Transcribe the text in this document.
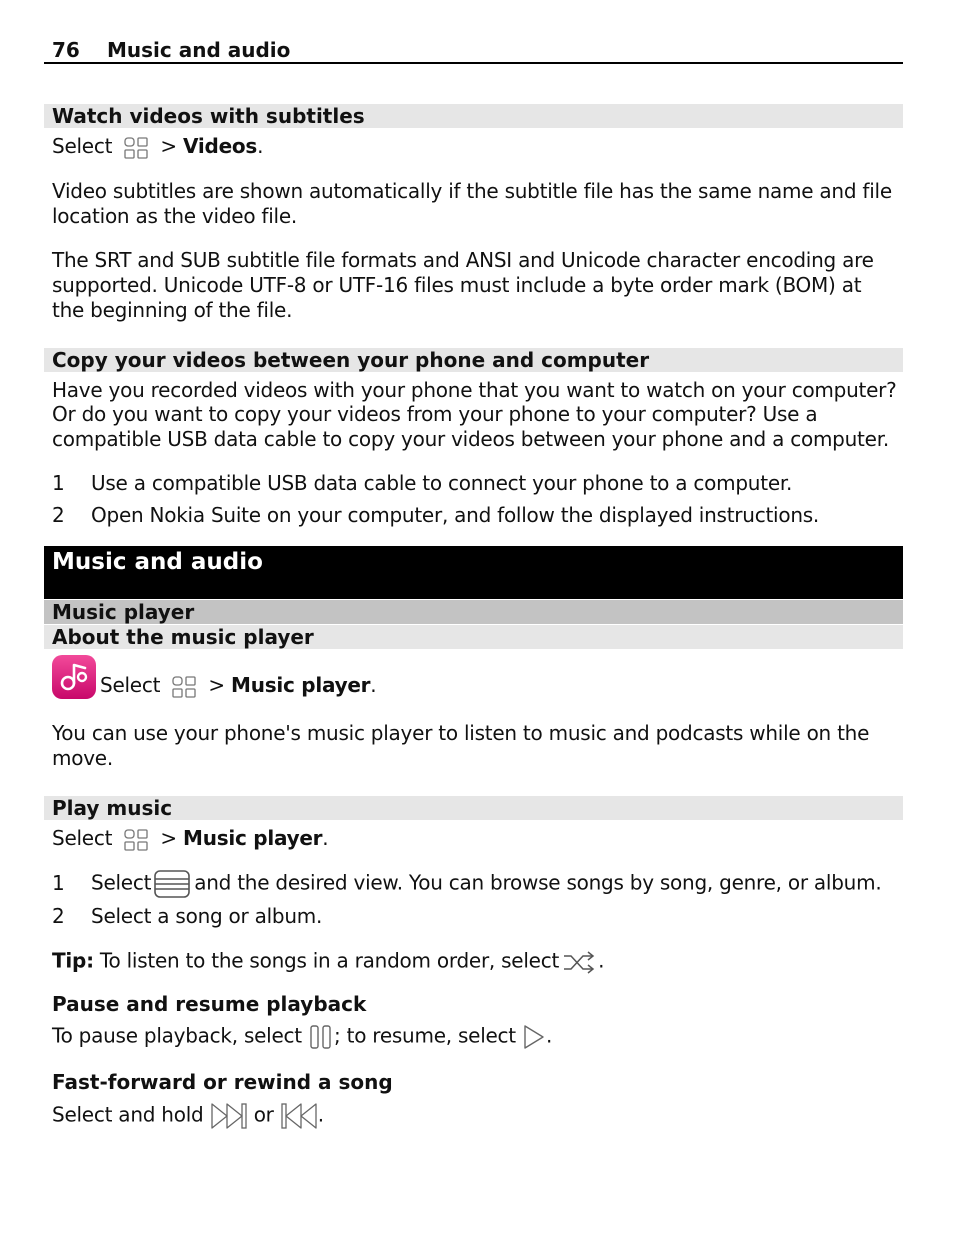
76 Music and audio
Watch videos with subtitles
Select > Videos.
Video subtitles are shown automatically if the subtitle file has the same name and file
location as the video file.
The SRT and SUB subtitle file formats and ANSI and Unicode character encoding are
supported. Unicode UTF-8 or UTF-16 files must include a byte order mark (BOM) at
the beginning of the file.
Copy your videos between your phone and computer
Have you recorded videos with your phone that you want to watch on your computer?
Or do you want to copy your videos from your phone to your computer? Use a
compatible USB data cable to copy your videos between your phone and a computer.
1 Use a compatible USB data cable to connect your phone to a computer.
2 Open Nokia Suite on your computer, and follow the displayed instructions.
Music and audio
Music player
About the music player
Select > Music player.
You can use your phone's music player to listen to music and podcasts while on the
move.
Play music
Select > Music player.
1 Select and the desired view. You can browse songs by song, genre, or album.
2 Select a song or album.
Tip: To listen to the songs in a random order, select .
Pause and resume playback
To pause playback, select ; to resume, select .
Fast-forward or rewind a song
Select and hold	or .
